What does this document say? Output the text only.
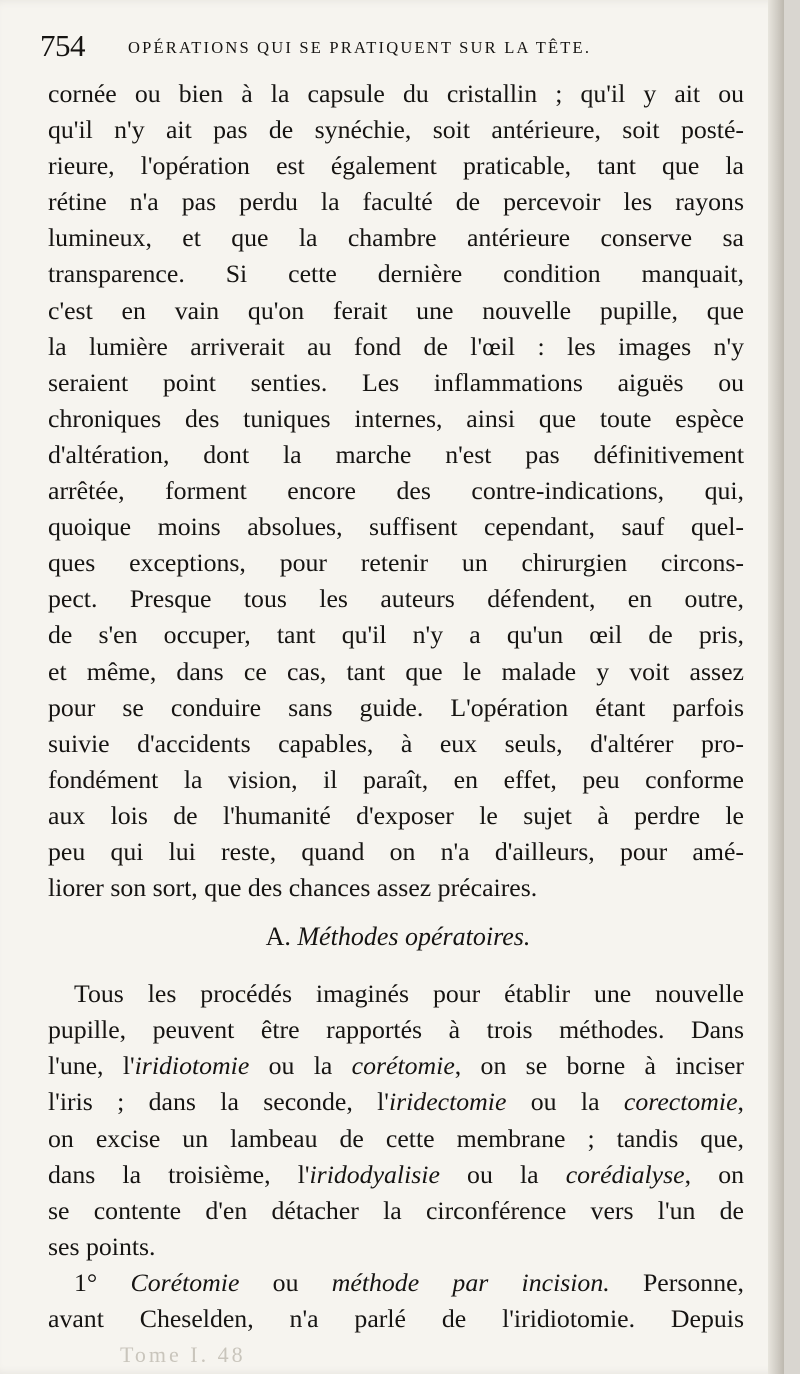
754	OPÉRATIONS QUI SE PRATIQUENT SUR LA TÊTE.
cornée ou bien à la capsule du cristallin ; qu'il y ait ou
qu'il n'y ait pas de synéchie, soit antérieure, soit posté-
rieure, l'opération est également praticable, tant que la
rétine n'a pas perdu la faculté de percevoir les rayons
lumineux, et que la chambre antérieure conserve sa
transparence. Si cette dernière condition manquait,
c'est en vain qu'on ferait une nouvelle pupille, que
la lumière arriverait au fond de l'œil : les images n'y
seraient point senties. Les inflammations aiguës ou
chroniques des tuniques internes, ainsi que toute espèce
d'altération, dont la marche n'est pas définitivement
arrêtée, forment encore des contre-indications, qui,
quoique moins absolues, suffisent cependant, sauf quel-
ques exceptions, pour retenir un chirurgien circons-
pect. Presque tous les auteurs défendent, en outre,
de s'en occuper, tant qu'il n'y a qu'un œil de pris,
et même, dans ce cas, tant que le malade y voit assez
pour se conduire sans guide. L'opération étant parfois
suivie d'accidents capables, à eux seuls, d'altérer pro-
fondément la vision, il paraît, en effet, peu conforme
aux lois de l'humanité d'exposer le sujet à perdre le
peu qui lui reste, quand on n'a d'ailleurs, pour amé-
liorer son sort, que des chances assez précaires.
A. Méthodes opératoires.
Tous les procédés imaginés pour établir une nouvelle
pupille, peuvent être rapportés à trois méthodes. Dans
l'une, l'iridiotomie ou la corétomie, on se borne à inciser
l'iris ; dans la seconde, l'iridectomie ou la corectomie,
on excise un lambeau de cette membrane ; tandis que,
dans la troisième, l'iridodyalisie ou la corédialyse, on
se contente d'en détacher la circonférence vers l'un de
ses points.
1° Corétomie ou méthode par incision. Personne,
avant Cheselden, n'a parlé de l'iridiotomie. Depuis
Tome I. 48
